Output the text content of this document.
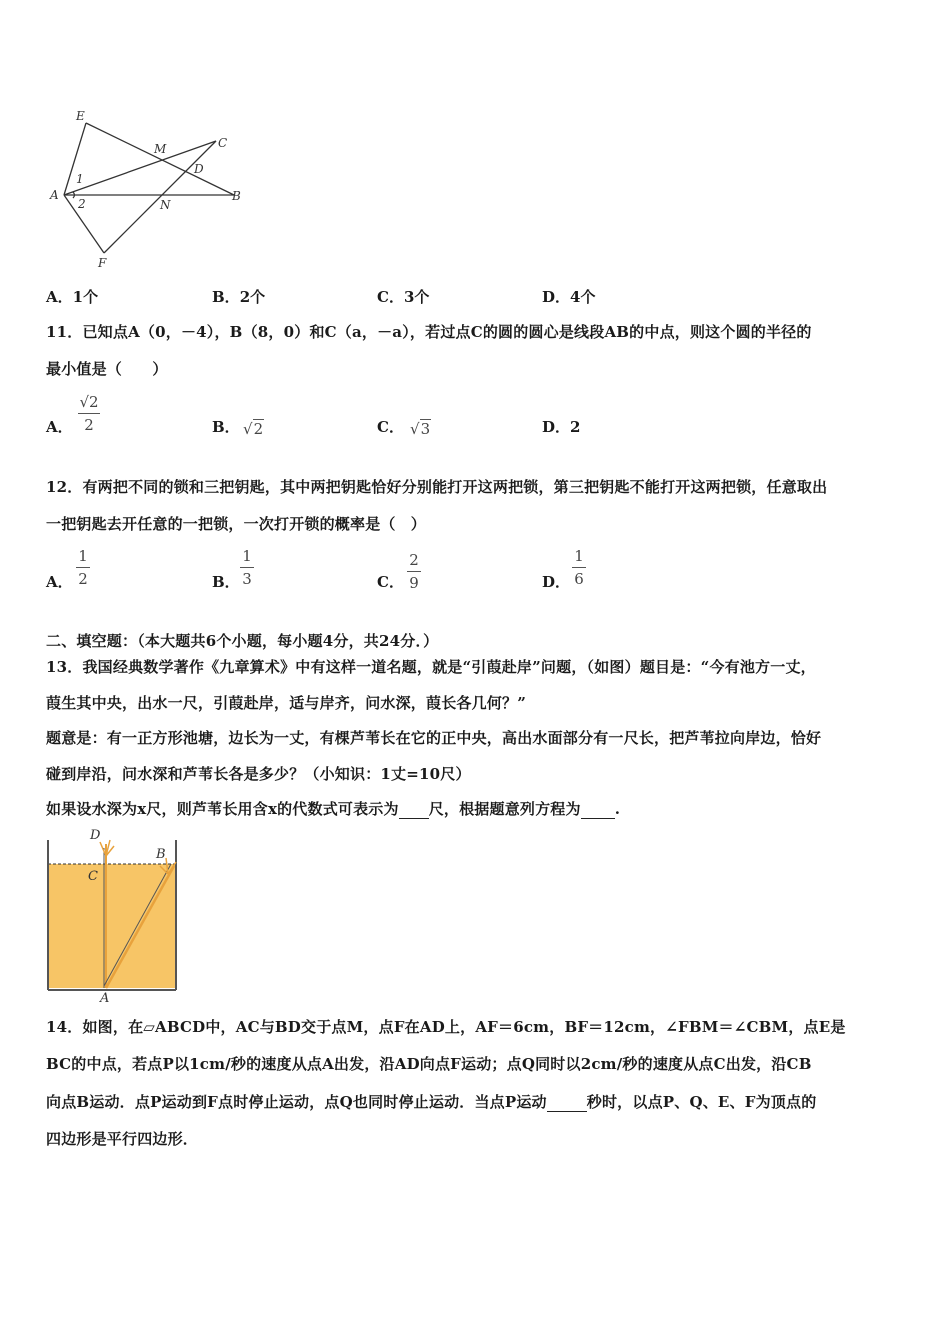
E
M	C
D
A
1
2	N
B
F
A．1个	B．2个	C．3个	D．4个
11．已知点A（0，－4），B（8，0）和C（a，－a），若过点C的圆的圆心是线段AB的中点，则这个圆的半径的
最小值是（　　）
A．
√2
2	B． √2	C． √3	D．2
12．有两把不同的锁和三把钥匙，其中两把钥匙恰好分别能打开这两把锁，第三把钥匙不能打开这两把锁，任意取出
一把钥匙去开任意的一把锁，一次打开锁的概率是（　）
A．
1
2	B．
1
3	C．
2
9	D．
1
6
二、填空题：（本大题共6个小题，每小题4分，共24分．）
13．我国经典数学著作《九章算术》中有这样一道名题，就是“引葭赴岸”问题，（如图）题目是：“今有池方一丈，
葭生其中央，出水一尺，引葭赴岸，适与岸齐，问水深，葭长各几何？”
题意是：有一正方形池塘，边长为一丈，有棵芦苇长在它的正中央，高出水面部分有一尺长，把芦苇拉向岸边，恰好
碰到岸沿，问水深和芦苇长各是多少？（小知识：1丈=10尺）
如果设水深为x尺，则芦苇长用含x的代数式可表示为 尺，根据题意列方程为 .
D
B
C
A
14．如图，在▱ABCD中，AC与BD交于点M，点F在AD上，AF＝6cm，BF＝12cm，∠FBM＝∠CBM，点E是
BC的中点，若点P以1cm/秒的速度从点A出发，沿AD向点F运动；点Q同时以2cm/秒的速度从点C出发，沿CB
向点B运动．点P运动到F点时停止运动，点Q也同时停止运动．当点P运动	秒时，以点P、Q、E、F为顶点的
四边形是平行四边形．
